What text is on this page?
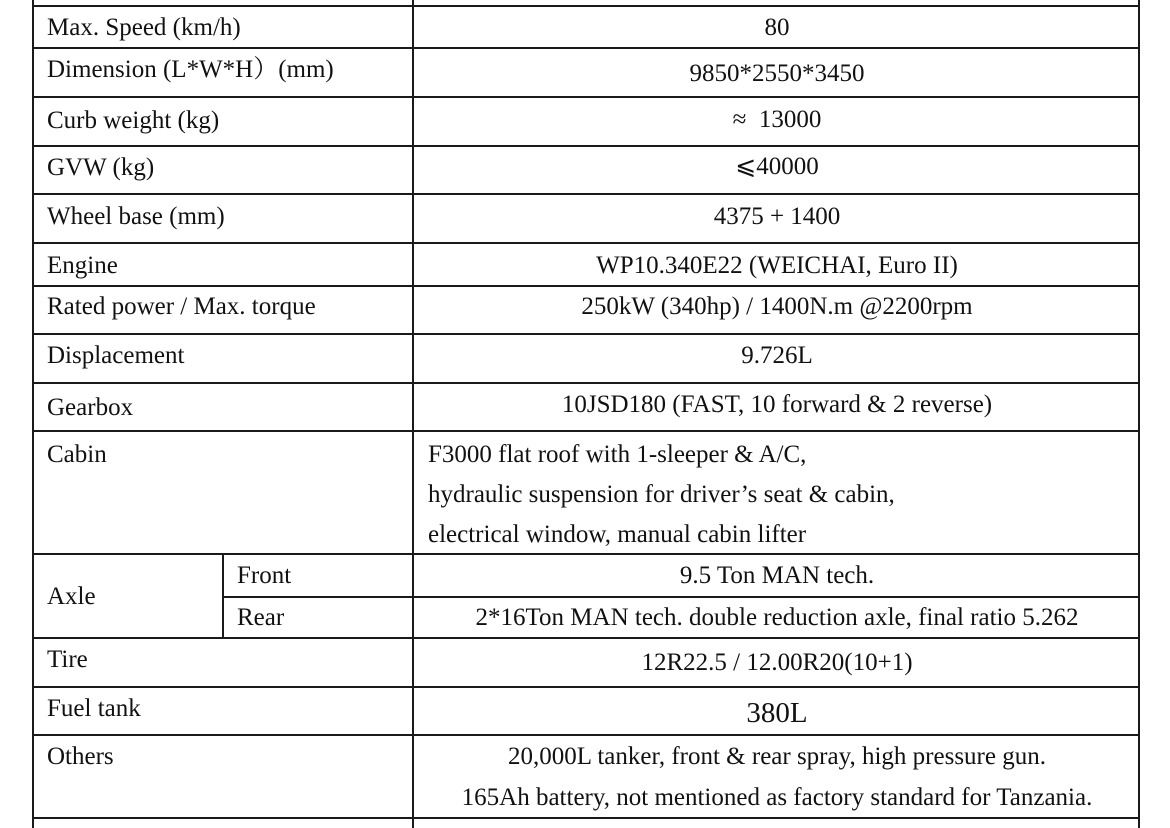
Max. Speed (km/h)	80
Dimension (L*W*H）(mm)	9850*2550*3450
Curb weight (kg)	≈  13000
GVW (kg)	⩽40000
Wheel base (mm)	4375 + 1400
Engine	WP10.340E22 (WEICHAI, Euro II)
Rated power / Max. torque	250kW (340hp) / 1400N.m @2200rpm
Displacement	9.726L
Gearbox	10JSD180 (FAST, 10 forward & 2 reverse)
Cabin	F3000 flat roof with 1-sleeper & A/C,
hydraulic suspension for driver’s seat & cabin,
electrical window, manual cabin lifter
Axle
Front	9.5 Ton MAN tech.
Rear	2*16Ton MAN tech. double reduction axle, final ratio 5.262
Tire	12R22.5 / 12.00R20(10+1)
Fuel tank	380L
Others	20,000L tanker, front & rear spray, high pressure gun.
165Ah battery, not mentioned as factory standard for Tanzania.
